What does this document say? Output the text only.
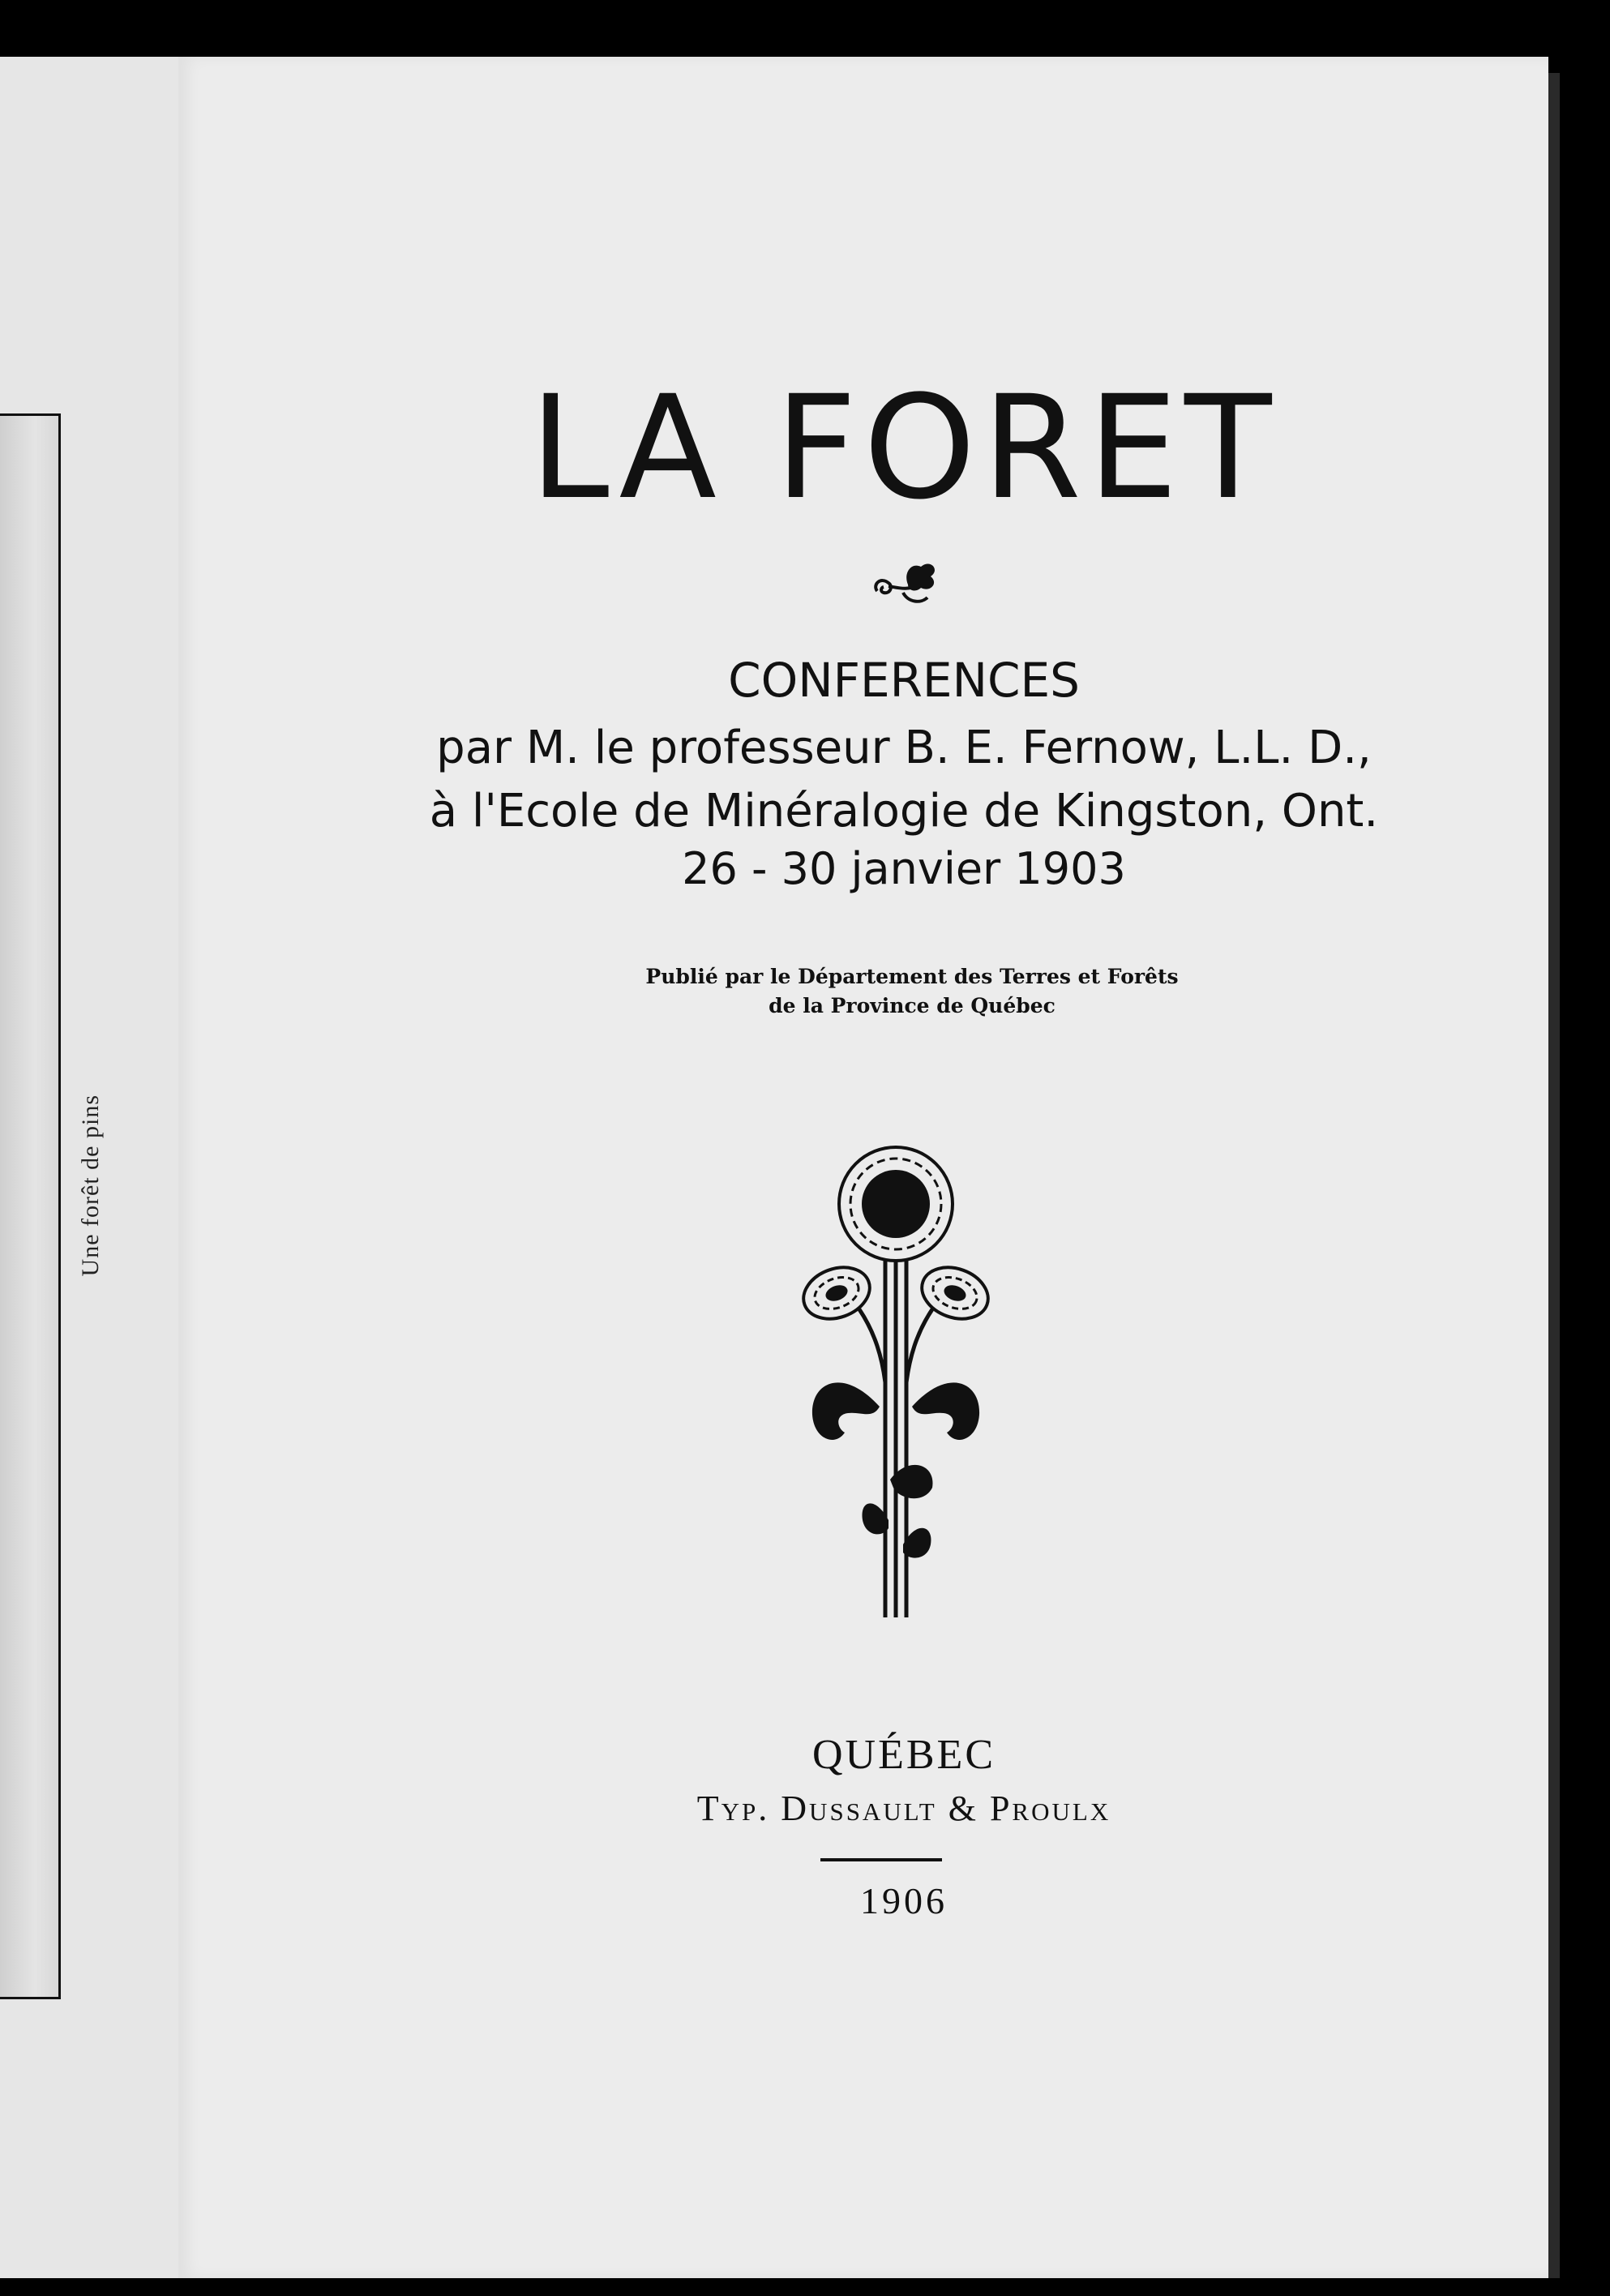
Une forêt de pins
LA FORET
CONFERENCES
par M. le professeur B. E. Fernow, L.L. D.,
à l'Ecole de Minéralogie de Kingston, Ont.
26 - 30 janvier 1903
Publié par le Département des Terres et Forêts
de la Province de Québec
QUÉBEC
Typ. Dussault & Proulx
1906
